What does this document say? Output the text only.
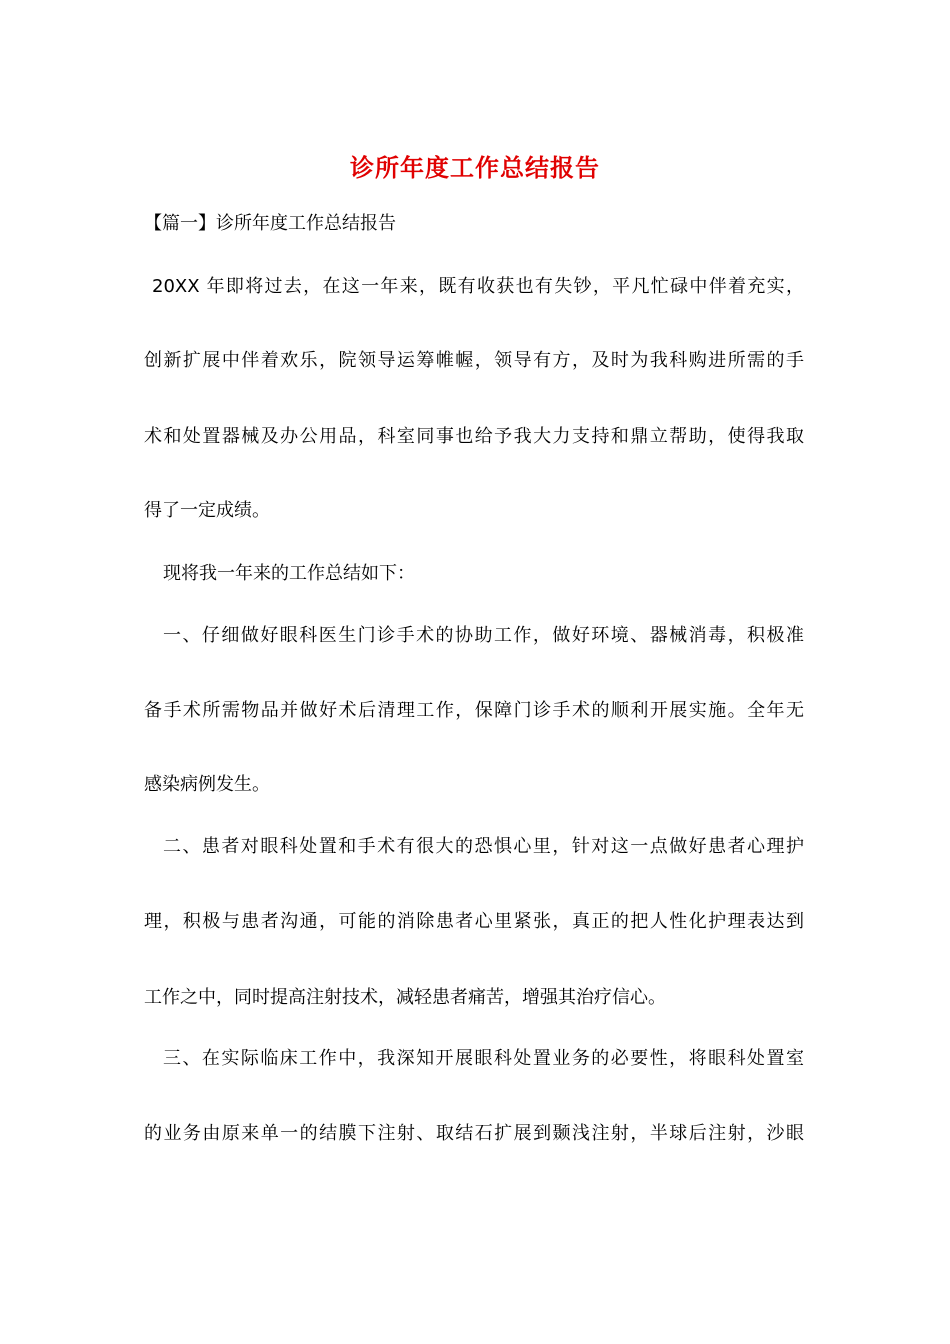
诊所年度工作总结报告
【篇一】诊所年度工作总结报告
20XX 年即将过去，在这一年来，既有收获也有失钞，平凡忙碌中伴着充实，
创新扩展中伴着欢乐，院领导运筹帷幄，领导有方，及时为我科购进所需的手
术和处置器械及办公用品，科室同事也给予我大力支持和鼎立帮助，使得我取
得了一定成绩。
现将我一年来的工作总结如下：
一、仔细做好眼科医生门诊手术的协助工作，做好环境、器械消毒，积极准
备手术所需物品并做好术后清理工作，保障门诊手术的顺利开展实施。全年无
感染病例发生。
二、患者对眼科处置和手术有很大的恐惧心里，针对这一点做好患者心理护
理，积极与患者沟通，可能的消除患者心里紧张，真正的把人性化护理表达到
工作之中，同时提高注射技术，减轻患者痛苦，增强其治疗信心。
三、在实际临床工作中，我深知开展眼科处置业务的必要性，将眼科处置室
的业务由原来单一的结膜下注射、取结石扩展到颞浅注射，半球后注射，沙眼
